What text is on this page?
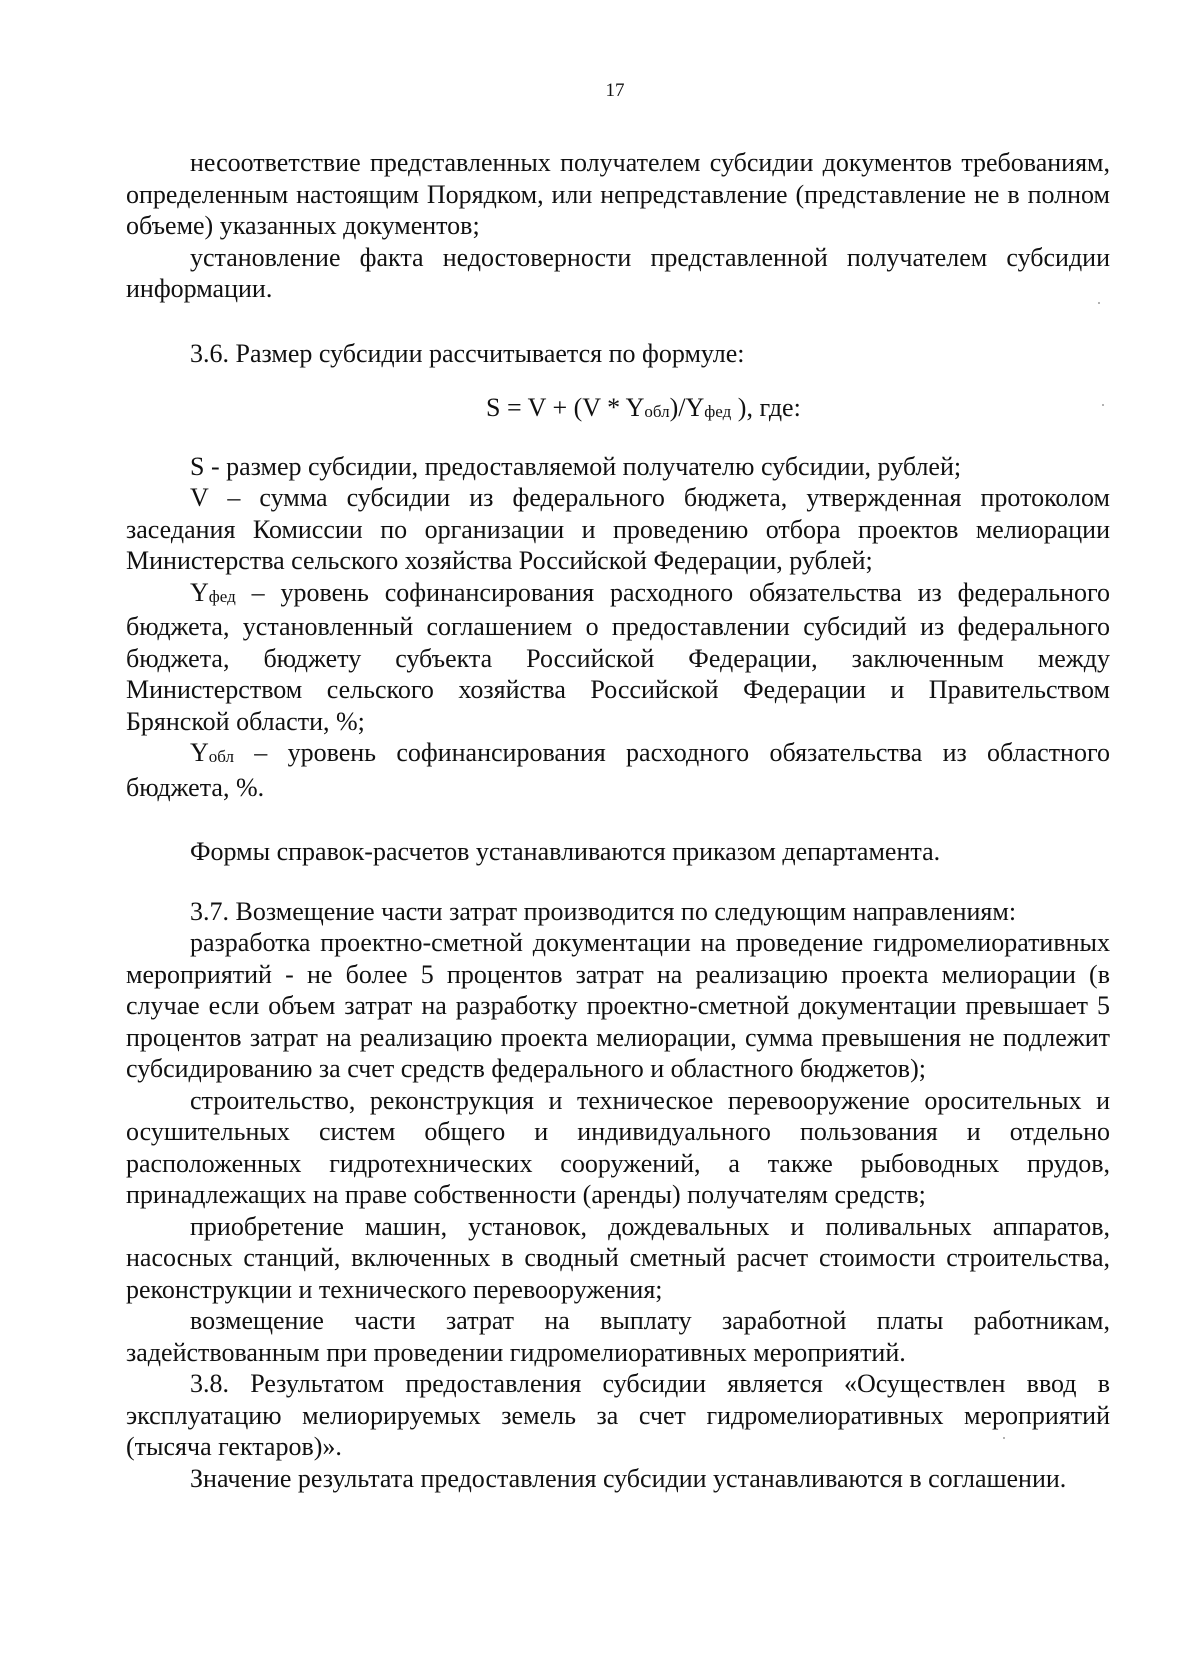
17

несоответствие представленных получателем субсидии документов требованиям, определенным настоящим Порядком, или непредставление (представление не в полном объеме) указанных документов;

установление факта недостоверности представленной получателем субсидии информации.

3.6. Размер субсидии рассчитывается по формуле:

$S = V + (V * Y_{обл})/Y_{фед}$ ), где:

S - размер субсидии, предоставляемой получателю субсидии, рублей;

V – сумма субсидии из федерального бюджета, утвержденная протоколом заседания Комиссии по организации и проведению отбора проектов мелиорации Министерства сельского хозяйства Российской Федерации, рублей;

$Y_{фед}$ – уровень софинансирования расходного обязательства из федерального бюджета, установленный соглашением о предоставлении субсидий из федерального бюджета, бюджету субъекта Российской Федерации, заключенным между Министерством сельского хозяйства Российской Федерации и Правительством Брянской области, %;

$Y_{обл}$ – уровень софинансирования расходного обязательства из областного бюджета, %.

Формы справок-расчетов устанавливаются приказом департамента.

3.7. Возмещение части затрат производится по следующим направлениям:

разработка проектно-сметной документации на проведение гидромелиоративных мероприятий - не более 5 процентов затрат на реализацию проекта мелиорации (в случае если объем затрат на разработку проектно-сметной документации превышает 5 процентов затрат на реализацию проекта мелиорации, сумма превышения не подлежит субсидированию за счет средств федерального и областного бюджетов);

строительство, реконструкция и техническое перевооружение оросительных и осушительных систем общего и индивидуального пользования и отдельно расположенных гидротехнических сооружений, а также рыбоводных прудов, принадлежащих на праве собственности (аренды) получателям средств;

приобретение машин, установок, дождевальных и поливальных аппаратов, насосных станций, включенных в сводный сметный расчет стоимости строительства, реконструкции и технического перевооружения;

возмещение части затрат на выплату заработной платы работникам, задействованным при проведении гидромелиоративных мероприятий.

3.8. Результатом предоставления субсидии является «Осуществлен ввод в эксплуатацию мелиорируемых земель за счет гидромелиоративных мероприятий (тысяча гектаров)».

Значение результата предоставления субсидии устанавливаются в соглашении.
